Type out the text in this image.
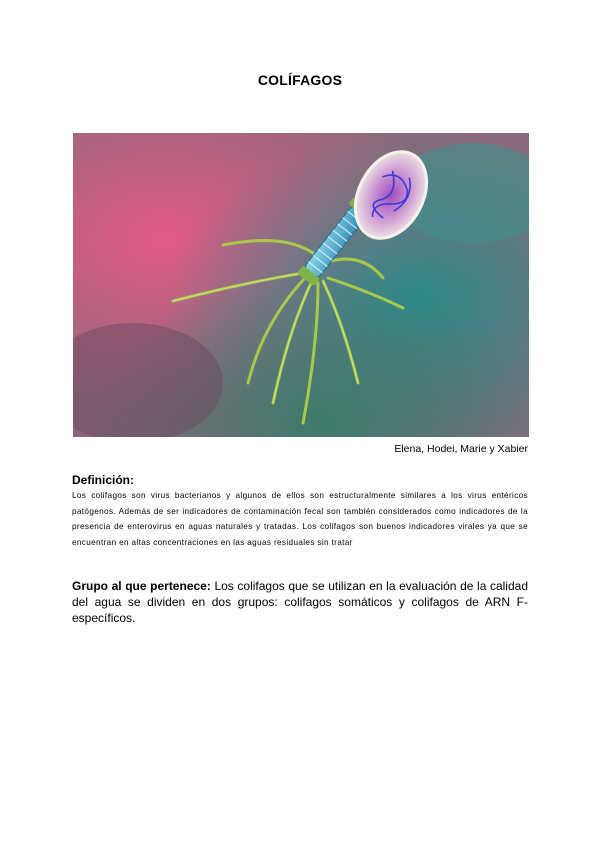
COLÍFAGOS
Elena, Hodei, Marie y Xabier
Definición:
Los colifagos son virus bacterianos y algunos de ellos son estructuralmente similares a los virus entéricos patógenos. Además de ser indicadores de contaminación fecal son también considerados como indicadores de la presencia de enterovirus en aguas naturales y tratadas. Los colifagos son buenos indicadores virales ya que se encuentran en altas concentraciones en las aguas residuales sin tratar
Grupo al que pertenece: Los colifagos que se utilizan en la evaluación de la calidad del agua se dividen en dos grupos: colifagos somáticos y colifagos de ARN F-específicos.
